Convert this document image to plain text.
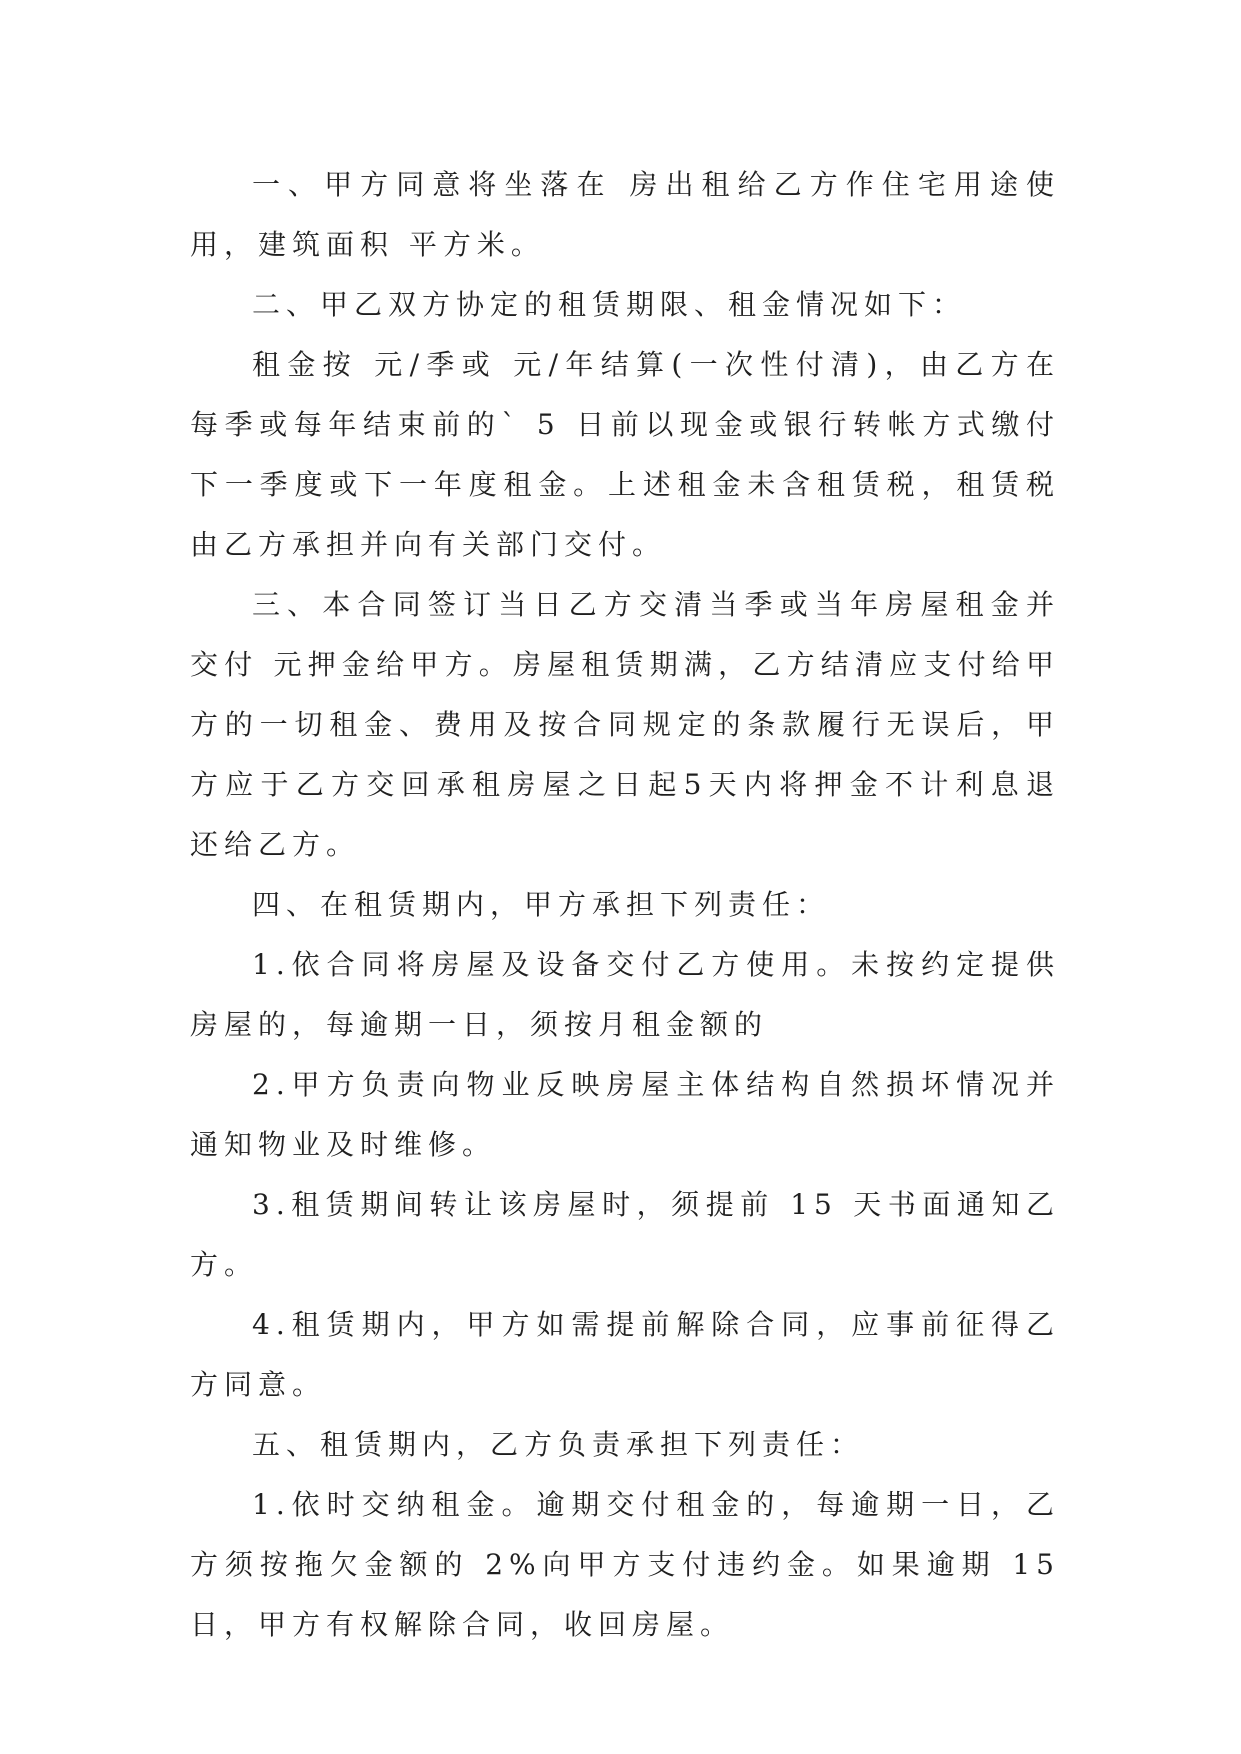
一、甲方同意将坐落在 房出租给乙方作住宅用途使用，建筑面积 平方米。

二、甲乙双方协定的租赁期限、租金情况如下：

租金按 元/季或 元/年结算(一次性付清)，由乙方在每季或每年结束前的` 5 日前以现金或银行转帐方式缴付下一季度或下一年度租金。上述租金未含租赁税，租赁税由乙方承担并向有关部门交付。

三、本合同签订当日乙方交清当季或当年房屋租金并交付 元押金给甲方。房屋租赁期满，乙方结清应支付给甲方的一切租金、费用及按合同规定的条款履行无误后，甲方应于乙方交回承租房屋之日起5天内将押金不计利息退还给乙方。

四、在租赁期内，甲方承担下列责任：

1.依合同将房屋及设备交付乙方使用。未按约定提供房屋的，每逾期一日，须按月租金额的

2.甲方负责向物业反映房屋主体结构自然损坏情况并通知物业及时维修。

3.租赁期间转让该房屋时，须提前 15 天书面通知乙方。

4.租赁期内，甲方如需提前解除合同，应事前征得乙方同意。

五、租赁期内，乙方负责承担下列责任：

1.依时交纳租金。逾期交付租金的，每逾期一日，乙方须按拖欠金额的 2%向甲方支付违约金。如果逾期 15 日，甲方有权解除合同，收回房屋。
